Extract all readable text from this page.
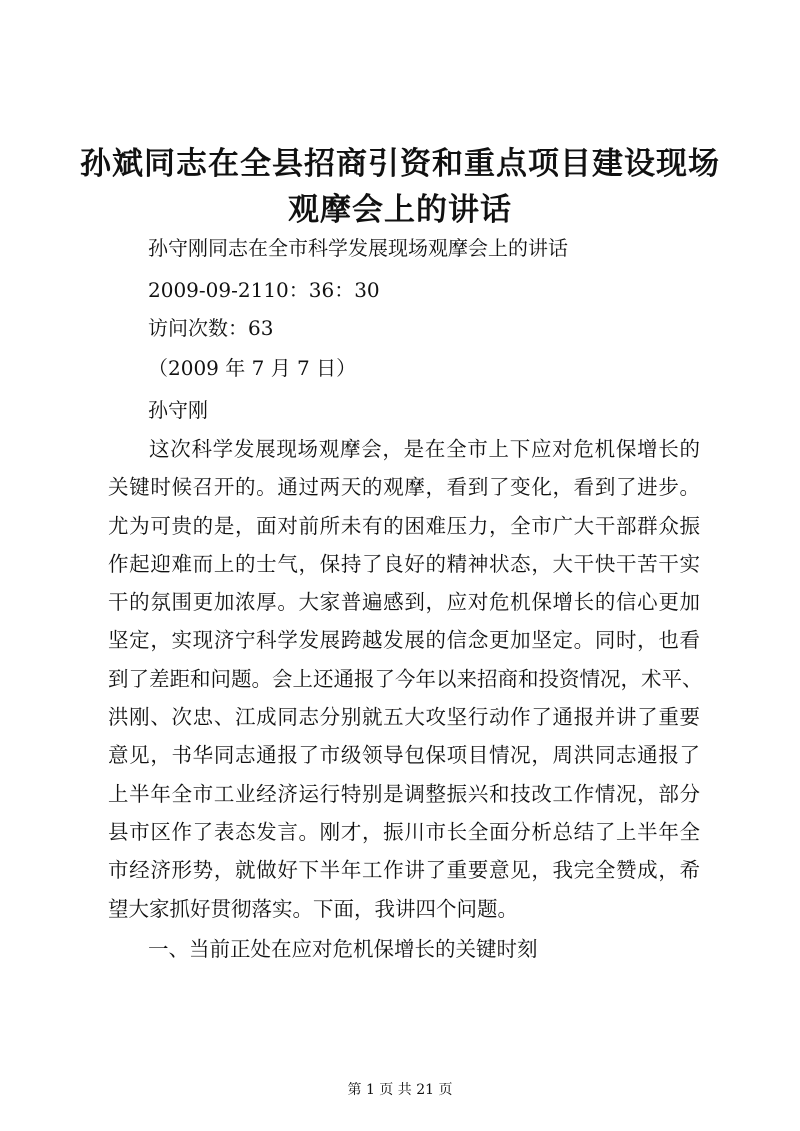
孙斌同志在全县招商引资和重点项目建设现场
观摩会上的讲话
孙守刚同志在全市科学发展现场观摩会上的讲话
2009-09-2110：36：30
访问次数：63
（2009 年 7 月 7 日）
孙守刚
这次科学发展现场观摩会，是在全市上下应对危机保增长的
关键时候召开的。通过两天的观摩，看到了变化，看到了进步。
尤为可贵的是，面对前所未有的困难压力，全市广大干部群众振
作起迎难而上的士气，保持了良好的精神状态，大干快干苦干实
干的氛围更加浓厚。大家普遍感到，应对危机保增长的信心更加
坚定，实现济宁科学发展跨越发展的信念更加坚定。同时，也看
到了差距和问题。会上还通报了今年以来招商和投资情况，术平、
洪刚、次忠、江成同志分别就五大攻坚行动作了通报并讲了重要
意见，书华同志通报了市级领导包保项目情况，周洪同志通报了
上半年全市工业经济运行特别是调整振兴和技改工作情况，部分
县市区作了表态发言。刚才，振川市长全面分析总结了上半年全
市经济形势，就做好下半年工作讲了重要意见，我完全赞成，希
望大家抓好贯彻落实。下面，我讲四个问题。
一、当前正处在应对危机保增长的关键时刻
第 1 页 共 21 页
